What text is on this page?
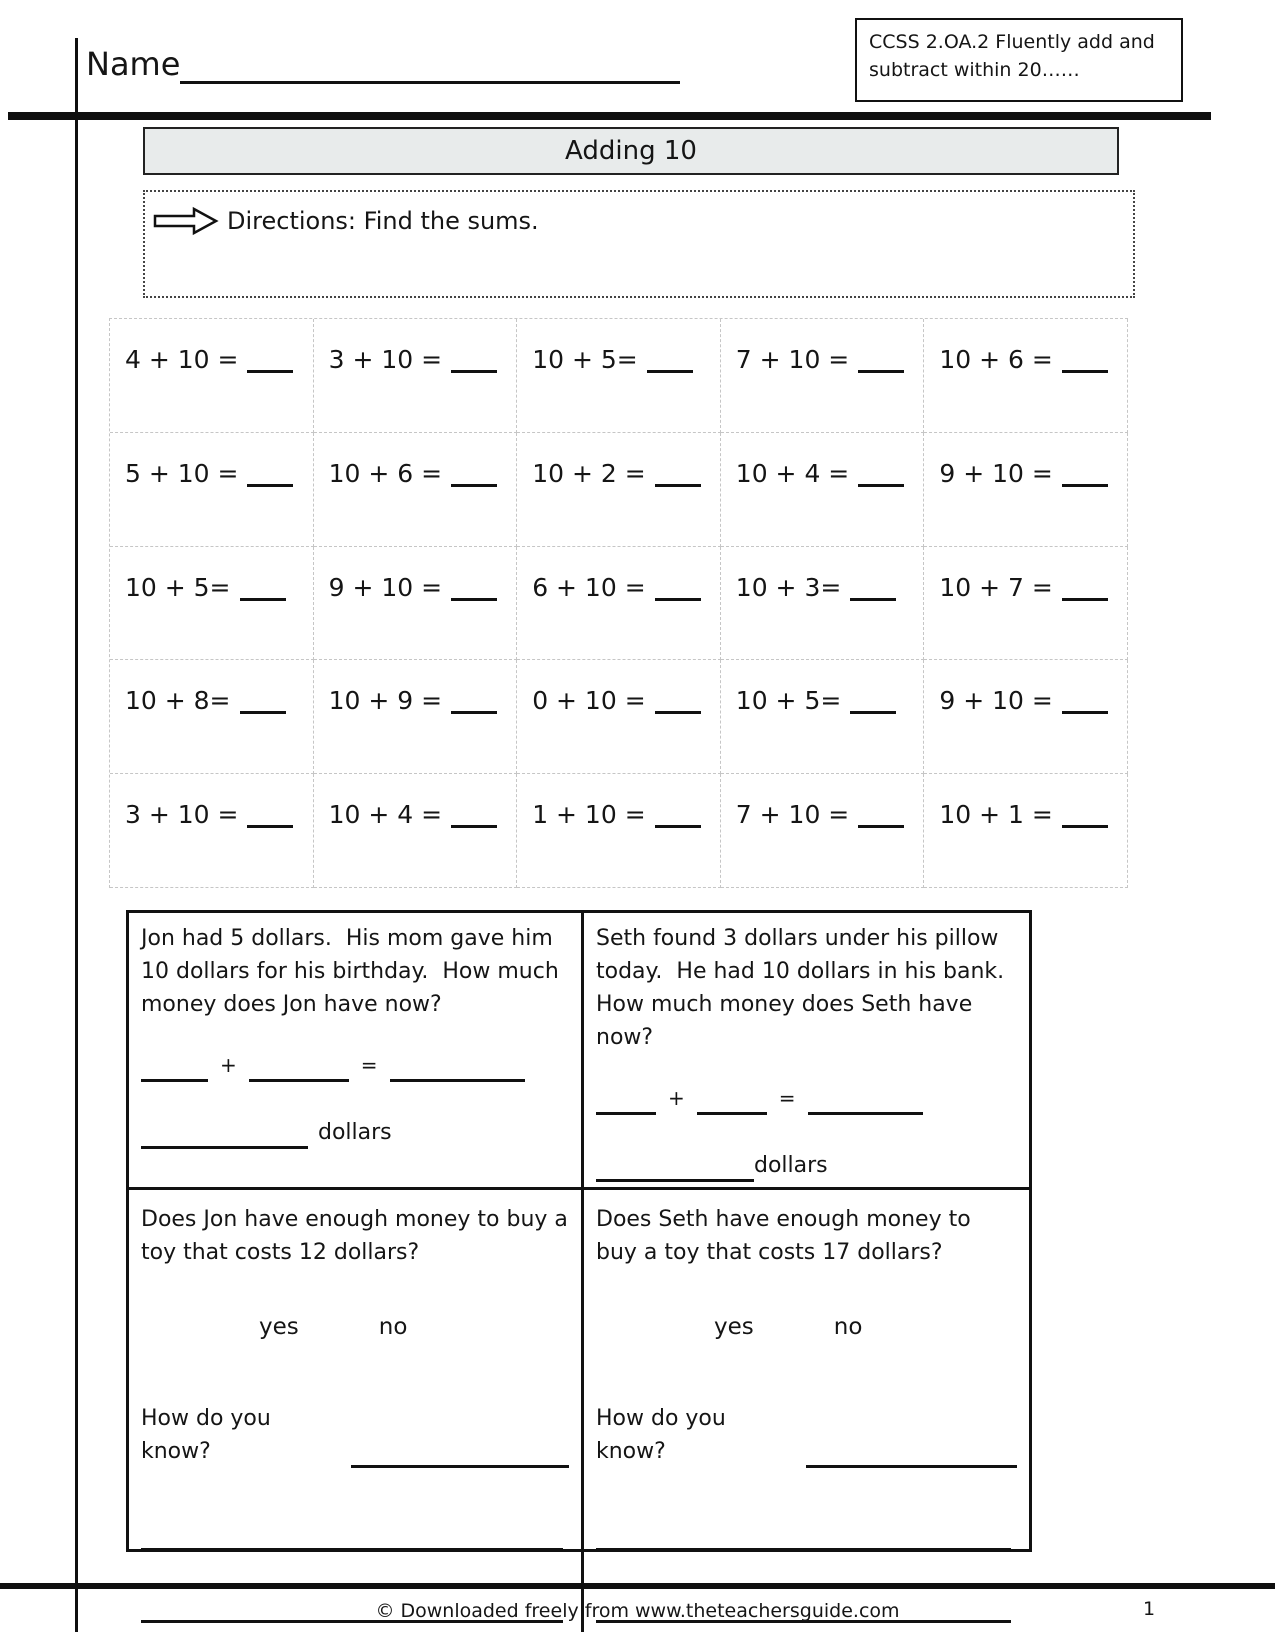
Name
CCSS 2.OA.2 Fluently add and
subtract within 20……
Adding 10
Directions: Find the sums.
4 + 10 =	3 + 10 =	10 + 5=	7 + 10 =	10 + 6 =
5 + 10 =	10 + 6 =	10 + 2 =	10 + 4 =	9 + 10 =
10 + 5=	9 + 10 =	6 + 10 =	10 + 3=	10 + 7 =
10 + 8=	10 + 9 =	0 + 10 =	10 + 5=	9 + 10 =
3 + 10 =	10 + 4 =	1 + 10 =	7 + 10 =	10 + 1 =
Jon had 5 dollars.  His mom gave him 10 dollars for his birthday.  How much money does Jon have now?
+	=
dollars
Seth found 3 dollars under his pillow today.  He had 10 dollars in his bank.  How much money does Seth have now?
+	=
dollars
Does Jon have enough money to buy a toy that costs 12 dollars?
yes	no
How do you know?
Does Seth have enough money to buy a toy that costs 17 dollars?
yes	no
How do you know?
© Downloaded freely from www.theteachersguide.com	1
